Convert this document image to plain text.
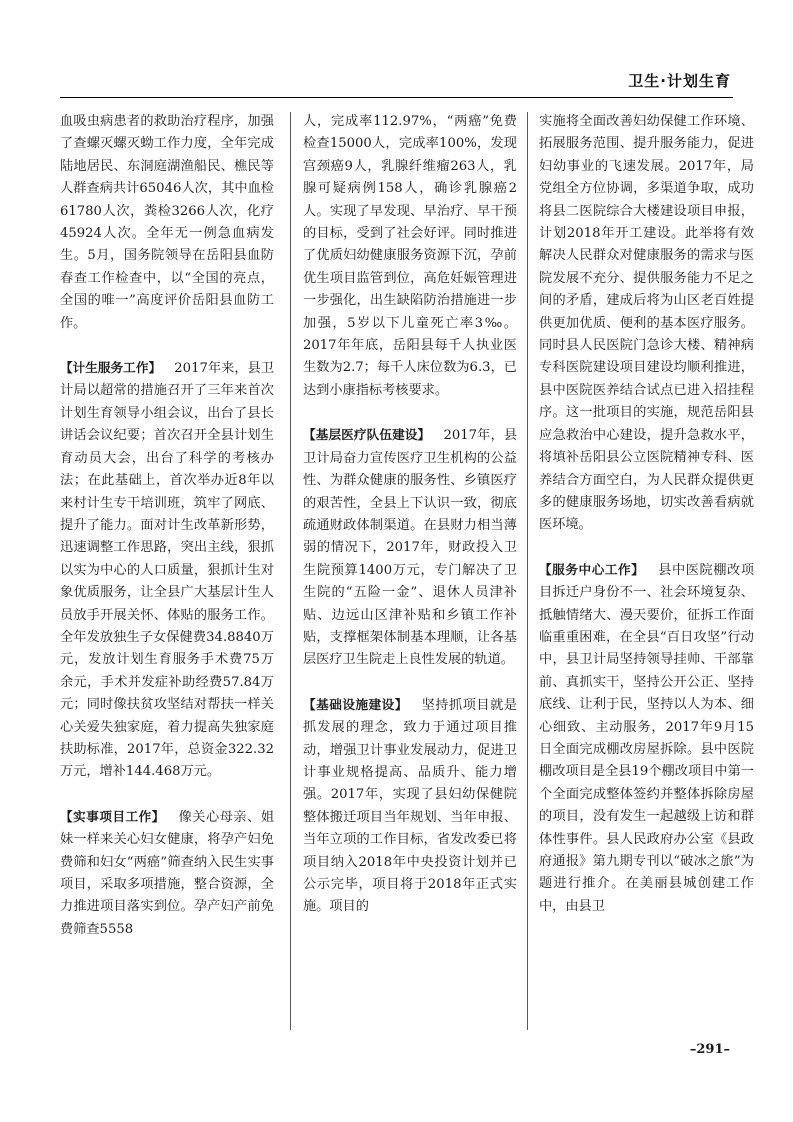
卫生·计划生育

血吸虫病患者的救助治疗程序，加强了查螺灭螺灭蚴工作力度，全年完成陆地居民、东洞庭湖渔船民、樵民等人群查病共计65046人次，其中血检61780人次，粪检3266人次，化疗45924人次。全年无一例急血病发生。5月，国务院领导在岳阳县血防春查工作检查中，以“全国的亮点，全国的唯一”高度评价岳阳县血防工作。

【计生服务工作】  2017年来，县卫计局以超常的措施召开了三年来首次计划生育领导小组会议，出台了县长讲话会议纪要；首次召开全县计划生育动员大会，出台了科学的考核办法；在此基础上，首次举办近8年以来村计生专干培训班，筑牢了网底、提升了能力。面对计生改革新形势，迅速调整工作思路，突出主线，狠抓以实为中心的人口质量，狠抓计生对象优质服务，让全县广大基层计生人员放手开展关怀、体贴的服务工作。全年发放独生子女保健费34.8840万元，发放计划生育服务手术费75万余元，手术并发症补助经费57.84万元；同时像扶贫攻坚结对帮扶一样关心关爱失独家庭，着力提高失独家庭扶助标准，2017年，总资金322.32万元，增补144.468万元。

【实事项目工作】  像关心母亲、姐妹一样来关心妇女健康，将孕产妇免费筛和妇女“两癌”筛查纳入民生实事项目，采取多项措施，整合资源，全力推进项目落实到位。孕产妇产前免费筛查5558

人，完成率112.97%，“两癌”免费检查15000人，完成率100%，发现宫颈癌9人，乳腺纤维瘤263人，乳腺可疑病例158人，确诊乳腺癌2人。实现了早发现、早治疗、早干预的目标，受到了社会好评。同时推进了优质妇幼健康服务资源下沉，孕前优生项目监管到位，高危妊娠管理进一步强化，出生缺陷防治措施进一步加强，5岁以下儿童死亡率3‰。2017年年底，岳阳县每千人执业医生数为2.7；每千人床位数为6.3，已达到小康指标考核要求。

【基层医疗队伍建设】  2017年，县卫计局奋力宣传医疗卫生机构的公益性、为群众健康的服务性、乡镇医疗的艰苦性，全县上下认识一致，彻底疏通财政体制渠道。在县财力相当薄弱的情况下，2017年，财政投入卫生院预算1400万元，专门解决了卫生院的“五险一金”、退休人员津补贴、边远山区津补贴和乡镇工作补贴，支撑框架体制基本理顺，让各基层医疗卫生院走上良性发展的轨道。

【基础设施建设】  坚持抓项目就是抓发展的理念，致力于通过项目推动，增强卫计事业发展动力，促进卫计事业规格提高、品质升、能力增强。2017年，实现了县妇幼保健院整体搬迁项目当年规划、当年申报、当年立项的工作目标，省发改委已将项目纳入2018年中央投资计划并已公示完毕，项目将于2018年正式实施。项目的

实施将全面改善妇幼保健工作环境、拓展服务范围、提升服务能力，促进妇幼事业的飞速发展。2017年，局党组全方位协调，多渠道争取，成功将县二医院综合大楼建设项目申报，计划2018年开工建设。此举将有效解决人民群众对健康服务的需求与医院发展不充分、提供服务能力不足之间的矛盾，建成后将为山区老百姓提供更加优质、便利的基本医疗服务。同时县人民医院门急诊大楼、精神病专科医院建设项目建设均顺利推进，县中医院医养结合试点已进入招挂程序。这一批项目的实施，规范岳阳县应急救治中心建设，提升急救水平，将填补岳阳县公立医院精神专科、医养结合方面空白，为人民群众提供更多的健康服务场地，切实改善看病就医环境。

【服务中心工作】  县中医院棚改项目拆迁户身份不一、社会环境复杂、抵触情绪大、漫天要价，征拆工作面临重重困难，在全县“百日攻坚”行动中，县卫计局坚持领导挂帅、干部靠前、真抓实干，坚持公开公正、坚持底线、让利于民，坚持以人为本、细心细致、主动服务，2017年9月15日全面完成棚改房屋拆除。县中医院棚改项目是全县19个棚改项目中第一个全面完成整体签约并整体拆除房屋的项目，没有发生一起越级上访和群体性事件。县人民政府办公室《县政府通报》第九期专刊以“破冰之旅”为题进行推介。在美丽县城创建工作中，由县卫

–291–
